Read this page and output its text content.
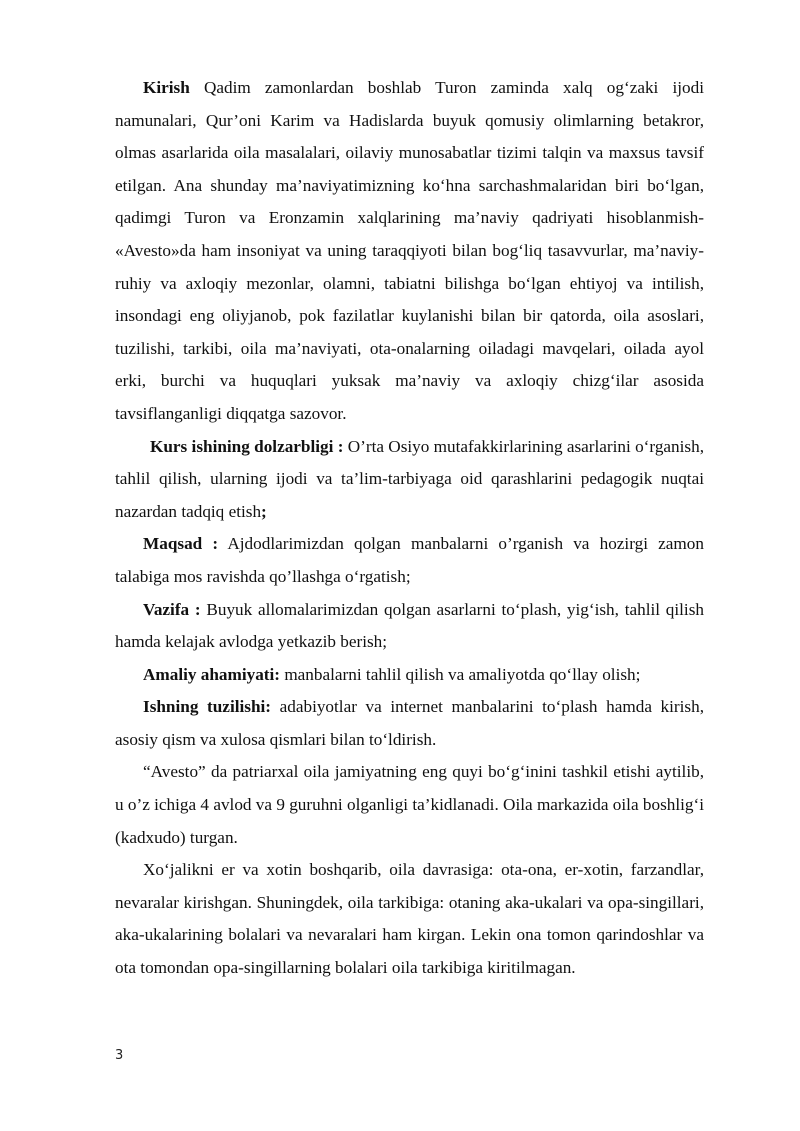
Kirish Qadim zamonlardan boshlab Turon zaminda xalq og‘zaki ijodi namunalari, Qur’oni Karim va Hadislarda buyuk qomusiy olimlarning betakror, olmas asarlarida oila masalalari, oilaviy munosabatlar tizimi talqin va maxsus tavsif etilgan. Ana shunday ma’naviyatimizning ko‘hna sarchashmalaridan biri bo‘lgan, qadimgi Turon va Eronzamin xalqlarining ma’naviy qadriyati hisoblanmish- «Avesto»da ham insoniyat va uning taraqqiyoti bilan bog‘liq tasavvurlar, ma’naviy-ruhiy va axloqiy mezonlar, olamni, tabiatni bilishga bo‘lgan ehtiyoj va intilish, insondagi eng oliyjanob, pok fazilatlar kuylanishi bilan bir qatorda, oila asoslari, tuzilishi, tarkibi, oila ma’naviyati, ota-onalarning oiladagi mavqelari, oilada ayol erki, burchi va huquqlari yuksak ma’naviy va axloqiy chizg‘ilar asosida tavsiflanganligi diqqatga sazovor.

Kurs ishining dolzarbligi : O’rta Osiyo mutafakkirlarining asarlarini o‘rganish, tahlil qilish, ularning ijodi va ta’lim-tarbiyaga oid qarashlarini pedagogik nuqtai nazardan tadqiq etish;

Maqsad : Ajdodlarimizdan qolgan manbalarni o’rganish va hozirgi zamon talabiga mos ravishda qo’llashga o‘rgatish;

Vazifa : Buyuk allomalarimizdan qolgan asarlarni to‘plash, yig‘ish, tahlil qilish hamda kelajak avlodga yetkazib berish;

Amaliy ahamiyati: manbalarni tahlil qilish va amaliyotda qo‘llay olish;

Ishning tuzilishi: adabiyotlar va internet manbalarini to‘plash hamda kirish, asosiy qism va xulosa qismlari bilan to‘ldirish.

“Avesto” da patriarxal oila jamiyatning eng quyi bo‘g‘inini tashkil etishi aytilib, u o’z ichiga 4 avlod va 9 guruhni olganligi ta’kidlanadi. Oila markazida oila boshlig‘i (kadxudo) turgan.

Xo‘jalikni er va xotin boshqarib, oila davrasiga: ota-ona, er-xotin, farzandlar, nevaralar kirishgan. Shuningdek, oila tarkibiga: otaning aka-ukalari va opa-singillari, aka-ukalarining bolalari va nevaralari ham kirgan. Lekin ona tomon qarindoshlar va ota tomondan opa-singillarning bolalari oila tarkibiga kiritilmagan.

3
